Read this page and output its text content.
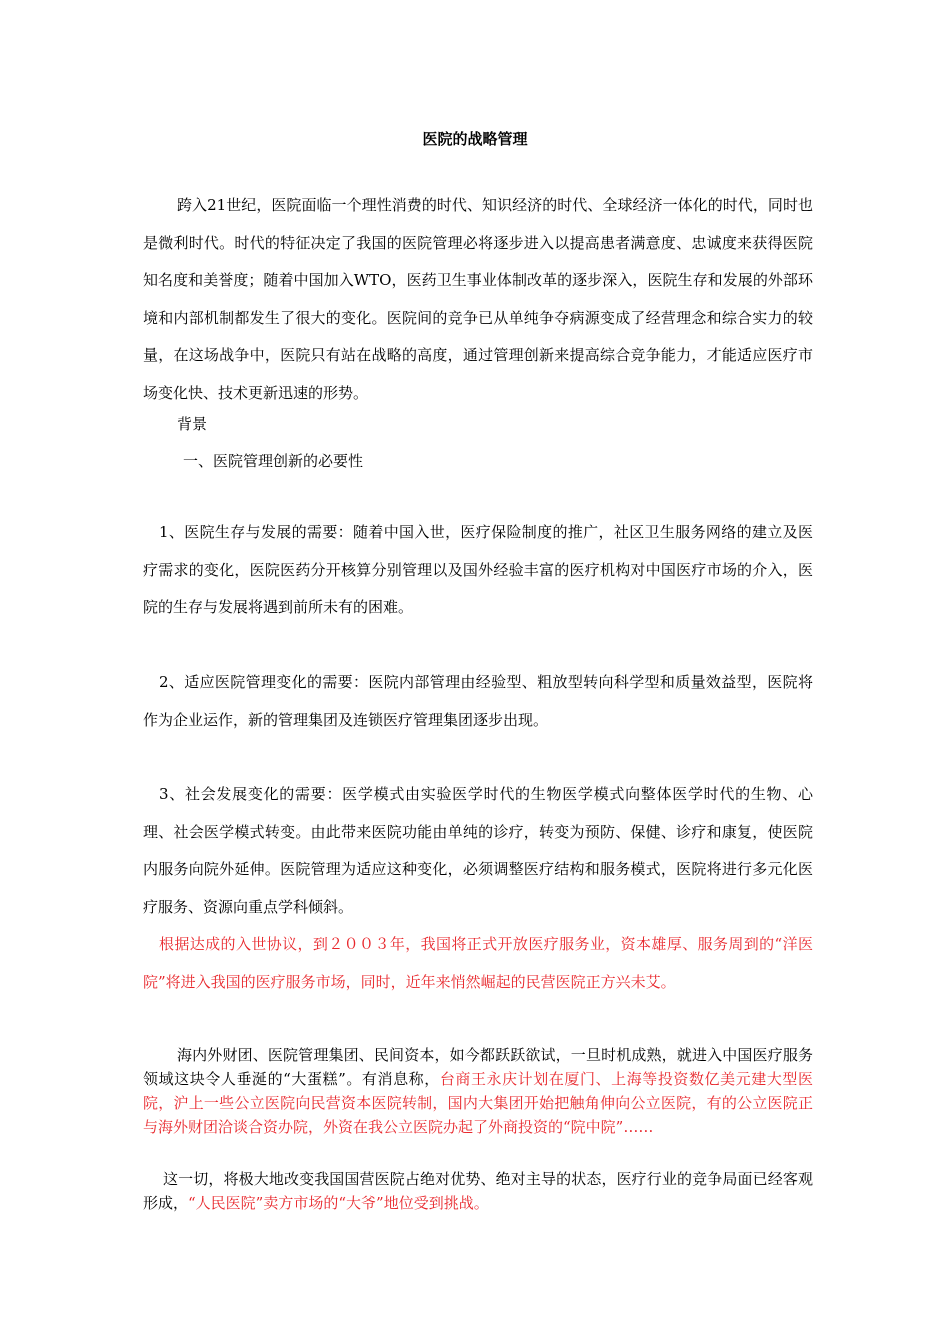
医院的战略管理

跨入21世纪，医院面临一个理性消费的时代、知识经济的时代、全球经济一体化的时代，同时也是微利时代。时代的特征决定了我国的医院管理必将逐步进入以提高患者满意度、忠诚度来获得医院知名度和美誉度；随着中国加入WTO，医药卫生事业体制改革的逐步深入，医院生存和发展的外部环境和内部机制都发生了很大的变化。医院间的竞争已从单纯争夺病源变成了经营理念和综合实力的较量，在这场战争中，医院只有站在战略的高度，通过管理创新来提高综合竞争能力，才能适应医疗市场变化快、技术更新迅速的形势。

背景

一、医院管理创新的必要性

1、医院生存与发展的需要：随着中国入世，医疗保险制度的推广，社区卫生服务网络的建立及医疗需求的变化，医院医药分开核算分别管理以及国外经验丰富的医疗机构对中国医疗市场的介入，医院的生存与发展将遇到前所未有的困难。

2、适应医院管理变化的需要：医院内部管理由经验型、粗放型转向科学型和质量效益型，医院将作为企业运作，新的管理集团及连锁医疗管理集团逐步出现。

3、社会发展变化的需要：医学模式由实验医学时代的生物医学模式向整体医学时代的生物、心理、社会医学模式转变。由此带来医院功能由单纯的诊疗，转变为预防、保健、诊疗和康复，使医院内服务向院外延伸。医院管理为适应这种变化，必须调整医疗结构和服务模式，医院将进行多元化医疗服务、资源向重点学科倾斜。

根据达成的入世协议，到２００３年，我国将正式开放医疗服务业，资本雄厚、服务周到的“洋医院”将进入我国的医疗服务市场，同时，近年来悄然崛起的民营医院正方兴未艾。

海内外财团、医院管理集团、民间资本，如今都跃跃欲试，一旦时机成熟，就进入中国医疗服务领域这块令人垂涎的“大蛋糕”。有消息称，台商王永庆计划在厦门、上海等投资数亿美元建大型医院，沪上一些公立医院向民营资本医院转制，国内大集团开始把触角伸向公立医院，有的公立医院正与海外财团洽谈合资办院，外资在我公立医院办起了外商投资的“院中院”……

这一切，将极大地改变我国国营医院占绝对优势、绝对主导的状态，医疗行业的竞争局面已经客观形成，“人民医院”卖方市场的“大爷”地位受到挑战。
